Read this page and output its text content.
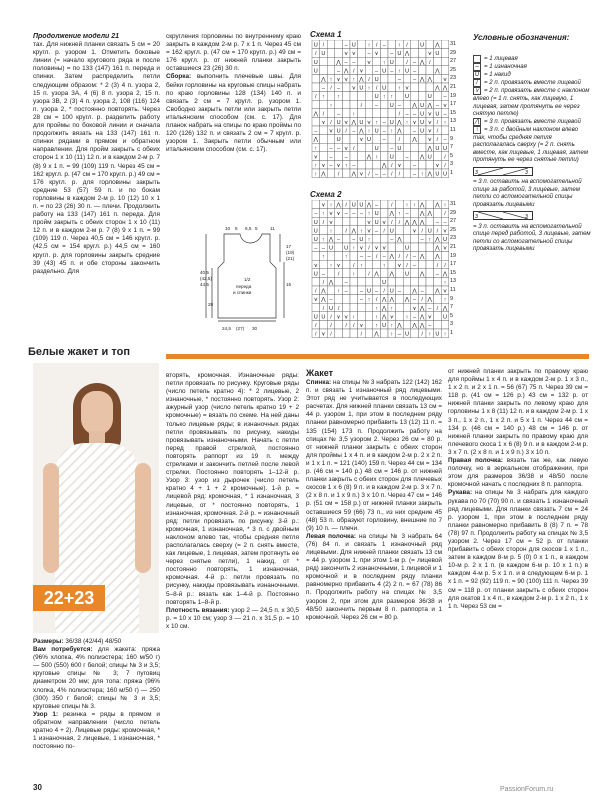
Продолжение модели 21

тах. Для нижней планки связать 5 см = 20 кругл. р. узором 1. Отметить боковые линии (= начало кругового ряда и после половины) = по 133 (147) 161 п. переда и спинки. Затем распределить петли следующим образом: * 2 (3) 4 п. узора 2, 15 п. узора 3А, 4 (6) 8 п. узора 2, 15 п. узора 3В, 2 (3) 4 п. узора 2, 108 (116) 124 п. узора 2, * постоянно повторять. Через 28 см = 100 кругл. р. разделить работу для проймы по боковой линии и сначала продолжить вязать на 133 (147) 161 п. спинки рядами в прямом и обратном направлении. Для пройм закрыть с обеих сторон 1 х 10 (11) 12 п. и в каждом 2-м р. 7 (8) 9 х 1 п. = 99 (109) 119 п. Через 45 см = 162 кругл. р. (47 см = 170 кругл. р.) 49 см = 176 кругл. р. для горловины закрыть средние 53 (57) 59 п. и по бокам горловины в каждом 2-м р. 10 (12) 10 х 1 п. = по 23 (26) 30 п. — плечи. Продолжить работу на 133 (147) 161 п. переда. Для пройм закрыть с обеих сторон 1 х 10 (11) 12 п. и в каждом 2-м р. 7 (8) 9 х 1 п. = 99 (109) 119 п. Через 40,5 см = 146 кругл. р. (42,5 см = 154 кругл. р.) 44,5 см = 160 кругл. р. для горловины закрыть средние 39 (43) 45 п. и обе стороны закончить раздельно. Для

скругления горловины по внутреннему краю закрыть в каждом 2-м р. 7 х 1 п. Через 45 см = 162 кругл. р. (47 см = 170 кругл. р.) 49 см = 176 кругл. р. от нижней планки закрыть оставшиеся 23 (26) 30 п.

Сборка: выполнить плечевые швы. Для бейки горловины на круговые спицы набрать по краю горловины 128 (134) 140 п. и связать 2 см = 7 кругл. р. узором 1. Свободно закрыть петли или закрыть петли итальянским способом (см. с. 17). Для планок набрать на спицы по краю проймы по 120 (126) 132 п. и связать 2 см = 7 кругл. р. узором 1. Закрыть петли обычным или итальянским способом (см. с. 17).

10 8 6,5 5	11
17
(19)
(21)
15
40,5
(42,5)
44,5
28
1/2
переда
и спинки
24,5 (27) 30
Схема 1
U /	– U ↑ / – ↑ / U ⋀
/ U	⋎ ⋎ – ⋎ – U ⋀	⋎ U
U	⋀ – – ⋎ ↑ U / – ⋀ /
U	– ⋀ / ⋎ – U – ↑ U –	⋀
⋀ ↑ ⋎ ⋎ ↑ ⋀ / U	– – ⋀ ⋀ ⋎
– / – ⋎ U ↑ / U ↑ ⋎	⋀ ⋀
/ ↑ ↑	U ↑ ↑ U	U –
↑	/ – U – ⋀ U ⋀ – ⋎
⋀ / – ↑	/ – – U ⋎ U –
⋎ / U ⋎ ⋀ U ⋎ ↑ – U ⋀ ↑ ⋎ U ⋎ / ↑
– ⋎ U / – ⋀ ↑ U – ↑ ⋀ – U ⋎ /
⋀	U	⋎ U – / ⋀ ⋎ / –
↑ – – ⋎ /	U – U	⋀ U U
⋎ – –	⋀ ↑ U – ⋀ U /
↑ ⋎ – ⋎ ↑ –	⋀ / ⋎ –	⋎ /
↑ ⋀ / ⋀ ⋎ / – – / / – ↑ ⋀ U U
31
29
27
25
23
21
19
17
15
13
11
9
7
5
3
1
Схема 2
⋎ ↑ ⋀ / U U ⋀ – / ↑ ↑ ⋀ ⋀ ↑
– ↑ ⋎ ⋎ – – – ↑ U ⋀ ↑ – ⋀ ⋀ /
U / ⋎	⋎ U ⋎ / / ⋀ ⋀ ⋀ – –
U ↑ / ⋀ ↑ ⋎ – / U	⋎ / U / ⋎
U ↑ ⋀ – – U ↑	– ⋀	– ↑ ⋀ U
– – U U ↑ ⋎ / ⋎ ⋎	U	⋀ ⋎
↑	↑ – – / – ⋀ / / – ⋀ ⋀
⋎ ↑ ⋎ / ↑	↑ ⋎ / –	/ /
U – / ↑ / ⋀ ⋀ U ⋀ – ⋀
/ ⋀ –	U	↑
/ ⋀ ↑ – – U – / U – ⋀ – ⋀ ⋎
⋎ ⋀ –	– ↑ / ⋀ ⋀ ⋀ – / ⋀ ↑
/ U /	↑ ⋀ ↑	⋎ ⋀ – / ⋀
U U / ⋎ ⋎ ↑	↑ ⋀ ⋎ ↑ – ⋀ ⋎ U
/ / / / ⋎ ↑ U ↑ ⋀ ⋀ ⋀ –
/ ⋎ /	/ ⋀ ↑ – U / ↑ U ↑
31
29
27
25
23
21
19
17
15
13
11
9
7
5
3
1
Условные обозначения:
= 1 лицевая
– = 1 изнаночная
U = 1 накид
/ = 2 п. провязать вместе лицевой
⋎ = 2 п. провязать вместе с наклоном влево (= 1 п. снять, как лицевую, 1 лицевая, затем протянуть ее через снятую петлю)
⋀ = 3 п. провязать вместе лицевой
↑ = 3 п. с двойным наклоном влево так, чтобы средняя петля располагалась сверху (= 2 п. снять вместе, как лицевые, 1 лицевая, затем протянуть ее через снятые петли)
3	3
= 3 п. оставить на вспомогательной спице за работой, 3 лицевые, затем петли со вспомогательной спицы провязать лицевыми
3	3
= 3 п. оставить на вспомогательной спице перед работой, 3 лицевые, затем петли со вспомогательной спицы провязать лицевыми
Белые жакет и топ
22+23

Размеры: 36/38 (42/44) 48/50

Вам потребуется: для жакета: пряжа (96% хлопка, 4% полиэстера; 160 м/50 г) — 500 (550) 600 г белой; спицы № 3 и 3,5; круговые спицы № 3; 7 пуговиц диаметром 20 мм; для топа: пряжа (96% хлопка, 4% полиэстера; 160 м/50 г) — 250 (300) 350 г белой; спицы № 3 и 3,5; круговые спицы № 3.

Узор 1: резинка = ряды в прямом и обратном направлении (число петель кратно 4 + 2). Лицевые ряды: кромочная, * 1 изнаночная, 2 лицевые, 1 изнаночная, * постоянно по-

вторять, кромочная. Изнаночные ряды: петли провязать по рисунку. Круговые ряды (число петель кратно 4): * 2 лицевые, 2 изнаночные, * постоянно повторять. Узор 2: ажурный узор (число петель кратно 19 + 2 кромочные) = вязать по схеме. На ней даны только лицевые ряды; в изнаночных рядах петли провязывать по рисунку, накиды провязывать изнаночными. Начать с петли перед правой стрелкой, постоянно повторять раппорт из 19 п. между стрелками и закончить петлей после левой стрелки. Постоянно повторять 1–12-й р. Узор 3: узор из дырочек (число петель кратно 4 + 1 + 2 кромочные). 1-й р. = лицевой ряд: кромочная, * 1 изнаночная, 3 лицевые, от * постоянно повторять, 1 изнаночная, кромочная. 2-й р. = изнаночный ряд: петли провязать по рисунку. 3-й р.: кромочная, 1 изнаночная, * 3 п. с двойным наклоном влево так, чтобы средняя петля располагалась сверху (= 2 п. снять вместе, как лицевые, 1 лицевая, затем протянуть ее через снятые петли), 1 накид, от * постоянно повторять, 1 изнаночная, кромочная. 4-й р.: петли провязать по рисунку, накиды провязывать изнаночными. 5–8-й р.: вязать как 1–4-й р. Постоянно повторять 1–8-й р.

Плотность вязания: узор 2 — 24,5 п. х 30,5 р. = 10 х 10 см; узор 3 — 21 п. х 31,5 р. = 10 х 10 см.

Жакет

Спинка: на спицы № 3 набрать 122 (142) 162 п. и связать 1 изнаночный ряд лицевыми. Этот ряд не учитывается в последующих расчетах. Для нижней планки связать 13 см = 44 р. узором 1, при этом в последнем ряду планки равномерно прибавить 13 (12) 11 п. = 135 (154) 173 п. Продолжить работу на спицах № 3,5 узором 2. Через 26 см = 80 р. от нижней планки закрыть с обеих сторон для проймы 1 х 4 п. и в каждом 2-м р. 2 х 2 п. и 1 х 1 п. = 121 (140) 159 п. Через 44 см = 134 р. (46 см = 140 р.) 48 см = 146 р. от нижней планки закрыть с обеих сторон для плечевых скосов 1 х 6 (8) 9 п. и в каждом 2-м р. 3 х 7 п. (2 х 8 п. и 1 х 9 п.) 3 х 10 п. Через 47 см = 146 р. (51 см = 158 р.) от нижней планки закрыть оставшиеся 59 (66) 73 п., из них средние 45 (48) 53 п. образуют горловину, внешние по 7 (9) 10 п. — плечи.

Левая полочка: на спицы № 3 набрать 64 (76) 84 п. и связать 1 изнаночный ряд лицевыми. Для нижней планки связать 13 см = 44 р. узором 1, при этом 1-м р. (= лицевой ряд) закончить 2 изнаночными, 1 лицевой и 1 кромочной и в последнем ряду планки равномерно прибавить 4 (2) 2 п. = 67 (78) 86 п. Продолжить работу на спицах № 3,5 узором 2, при этом для размеров 36/38 и 48/50 закончить первым 8 п. раппорта и 1 кромочной. Через 26 см = 80 р.

от нижней планки закрыть по правому краю для проймы 1 х 4 п. и в каждом 2-м р. 1 х 3 п., 1 х 2 п. и 2 х 1 п. = 56 (67) 75 п. Через 39 см = 118 р. (41 см = 126 р.) 43 см = 132 р. от нижней планки закрыть по левому краю для горловины 1 х 8 (11) 12 п. и в каждом 2-м р. 1 х 3 п., 1 х 2 п., 1 х 2 п. и 5 х 1 п. Через 44 см = 134 р. (46 см = 140 р.) 48 см = 146 р. от нижней планки закрыть по правому краю для плечевого скоса 1 х 6 (8) 9 п. и в каждом 2-м р. 3 х 7 п. (2 х 8 п. и 1 х 9 п.) 3 х 10 п.

Правая полочка: вязать так же, как левую полочку, но в зеркальном отображении, при этом для размеров 36/38 и 48/50 после кромочной начать с последних 8 п. раппорта.

Рукава: на спицы № 3 набрать для каждого рукава по 70 (70) 90 п. и связать 1 изнаночный ряд лицевыми. Для планки связать 7 см = 24 р. узором 1, при этом в последнем ряду планки равномерно прибавить 8 (8) 7 п. = 78 (78) 97 п. Продолжить работу на спицах № 3,5 узором 2. Через 17 см = 52 р. от планки прибавить с обеих сторон для скосов 1 х 1 п., затем в каждом 8-м р. 5 (0) 0 х 1 п., в каждом 10-м р. 2 х 1 п. (в каждом 6-м р. 10 х 1 п.) в каждом 4-м р. 5 х 1 п. и в следующем 6-м р. 1 х 1 п. = 92 (92) 119 п. = 90 (100) 111 п. Через 39 см = 118 р. от планки закрыть с обеих сторон для окатов 1 х 4 п., в каждом 2-м р. 1 х 2 п., 1 х 1 п. Через 53 см =

30	PassionForum.ru
